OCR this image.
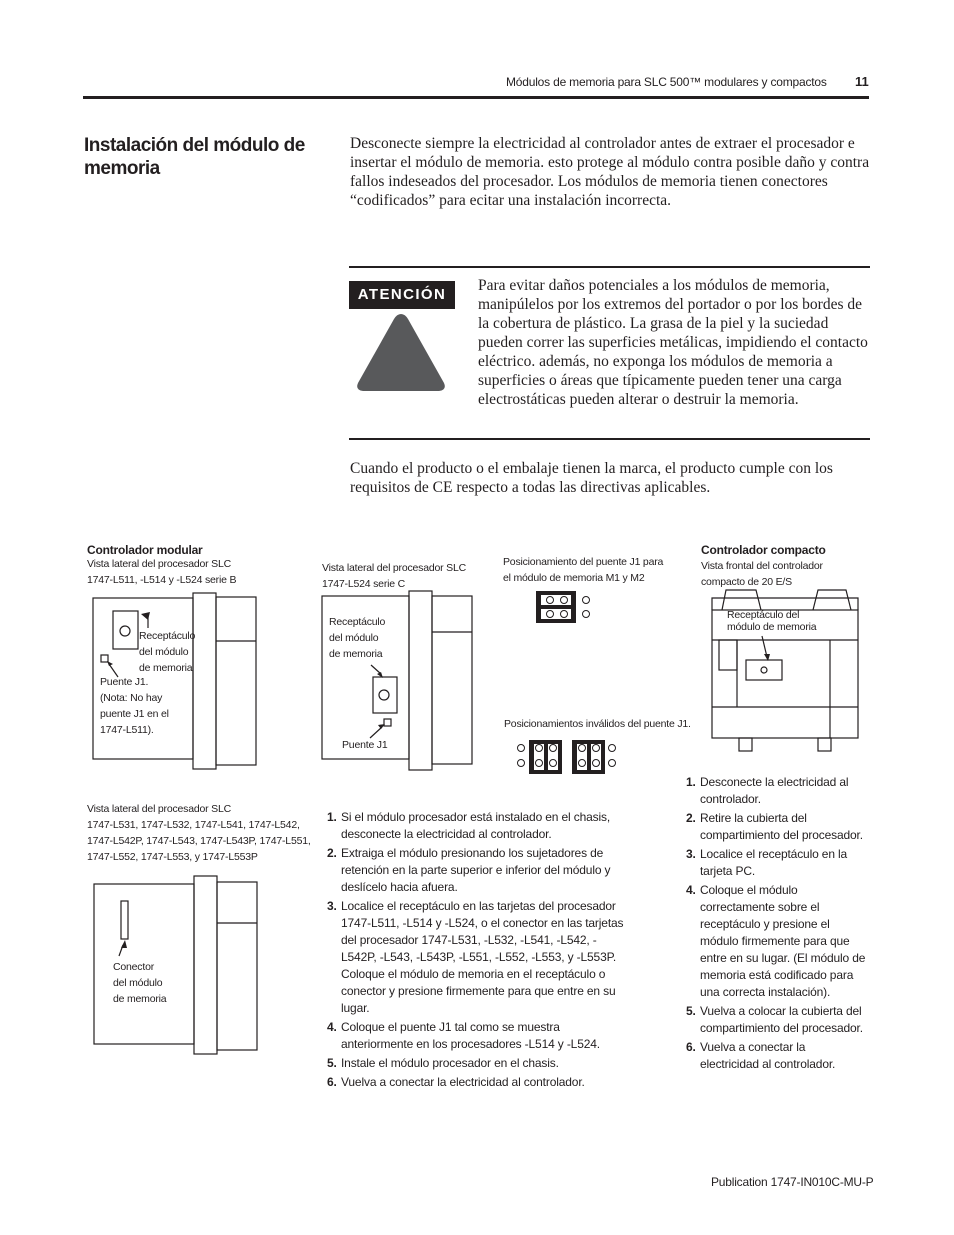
Módulos de memoria para SLC 500™ modulares y compactos 11
Instalación del módulo de memoria

Desconecte siempre la electricidad al controlador antes de extraer el procesador e insertar el módulo de memoria. esto protege al módulo contra posible daño y contra fallos indeseados del procesador. Los módulos de memoria tienen conectores “codificados” para ecitar una instalación incorrecta.

ATENCIÓN

Para evitar daños potenciales a los módulos de memoria, manipúlelos por los extremos del portador o por los bordes de la cobertura de plástico. La grasa de la piel y la suciedad pueden correr las superficies metálicas, impidiendo el contacto eléctrico. además, no exponga los módulos de memoria a superficies o áreas que típicamente pueden tener una carga electrostáticas pueden alterar o destruir la memoria.

Cuando el producto o el embalaje tienen la marca, el producto cumple con los requisitos de CE respecto a todas las directivas aplicables.

Controlador modular
Vista lateral del procesador SLC
1747-L511, -L514 y -L524 serie B
Receptáculo
del módulo
de memoria
Puente J1.
(Nota: No hay
puente J1 en el
1747-L511).
Vista lateral del procesador SLC
1747-L524 serie C
Receptáculo
del módulo
de memoria
Puente J1
Posicionamiento del puente J1 para
el módulo de memoria M1 y M2
Posicionamientos inválidos del puente J1.
Controlador compacto
Vista frontal del controlador
compacto de 20 E/S
Receptáculo del
módulo de memoria
Vista lateral del procesador SLC
1747-L531, 1747-L532, 1747-L541, 1747-L542,
1747-L542P, 1747-L543, 1747-L543P, 1747-L551,
1747-L552, 1747-L553, y 1747-L553P
Conector
del módulo
de memoria
1. Si el módulo procesador está instalado en el chasis, desconecte la electricidad al controlador.
2. Extraiga el módulo presionando los sujetadores de retención en la parte superior e inferior del módulo y deslícelo hacia afuera.
3. Localice el receptáculo en las tarjetas del procesador 1747-L511, -L514 y -L524, o el conector en las tarjetas del procesador 1747-L531, -L532, -L541, -L542, -L542P, -L543, -L543P, -L551, -L552, -L553, y -L553P. Coloque el módulo de memoria en el receptáculo o conector y presione firmemente para que entre en su lugar.
4. Coloque el puente J1 tal como se muestra anteriormente en los procesadores -L514 y -L524.
5. Instale el módulo procesador en el chasis.
6. Vuelva a conectar la electricidad al controlador.
1. Desconecte la electricidad al controlador.
2. Retire la cubierta del compartimiento del procesador.
3. Localice el receptáculo en la tarjeta PC.
4. Coloque el módulo correctamente sobre el receptáculo y presione el módulo firmemente para que entre en su lugar. (El módulo de memoria está codificado para una correcta instalación).
5. Vuelva a colocar la cubierta del compartimiento del procesador.
6. Vuelva a conectar la electricidad al controlador.
Publication 1747-IN010C-MU-P
